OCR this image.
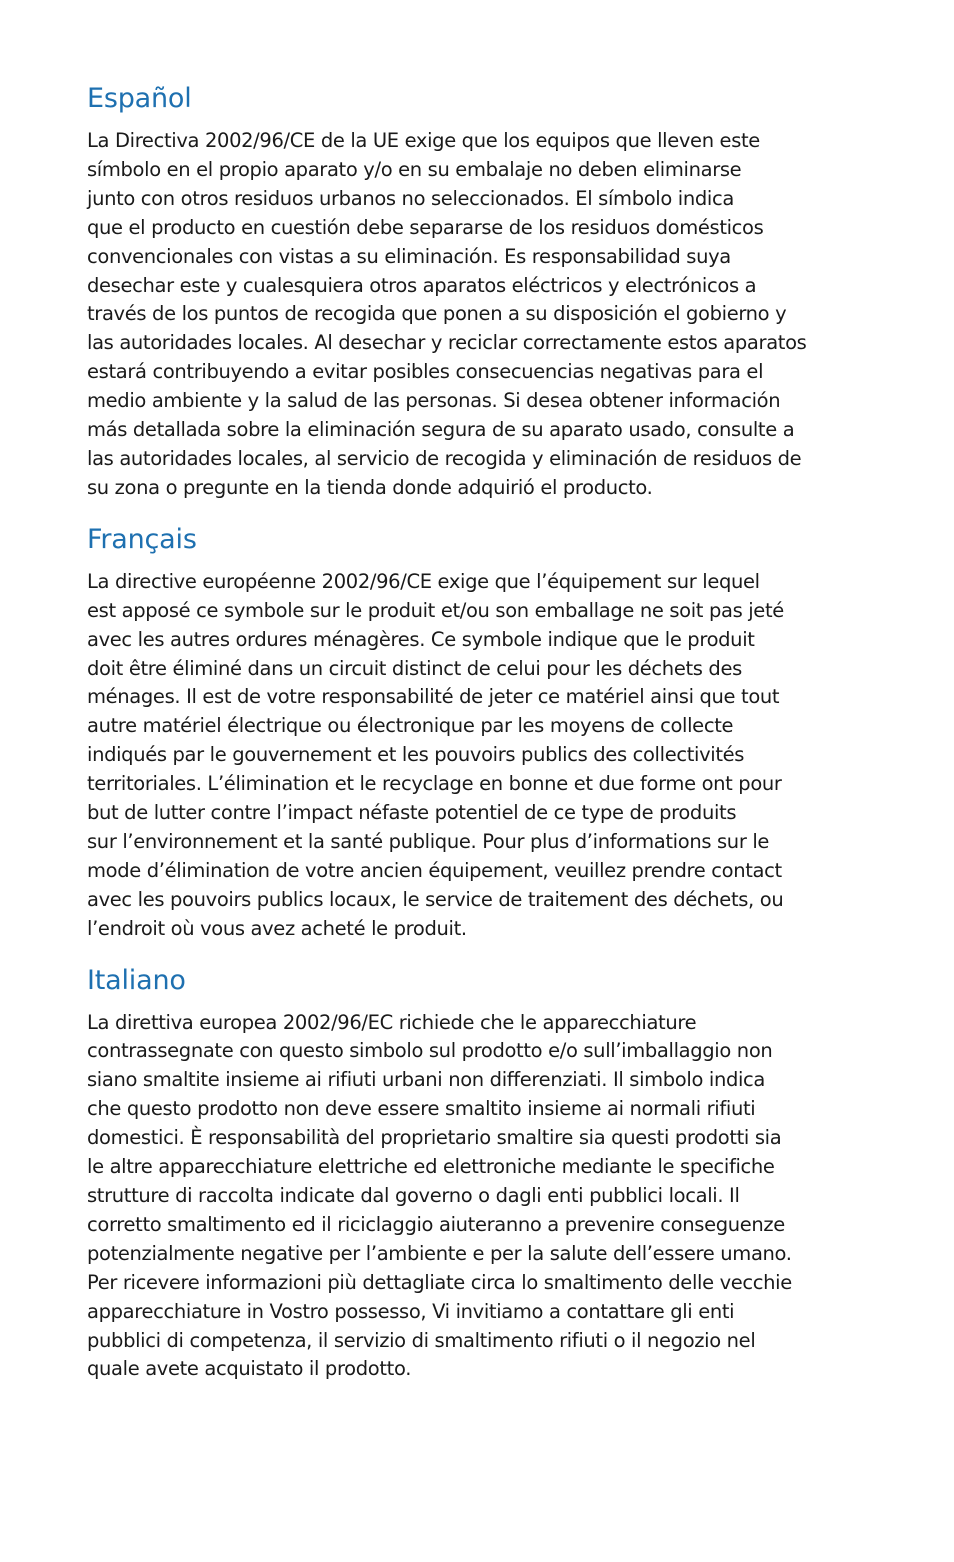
Español
La Directiva 2002/96/CE de la UE exige que los equipos que lleven este
símbolo en el propio aparato y/o en su embalaje no deben eliminarse
junto con otros residuos urbanos no seleccionados. El símbolo indica
que el producto en cuestión debe separarse de los residuos domésticos
convencionales con vistas a su eliminación. Es responsabilidad suya
desechar este y cualesquiera otros aparatos eléctricos y electrónicos a
través de los puntos de recogida que ponen a su disposición el gobierno y
las autoridades locales. Al desechar y reciclar correctamente estos aparatos
estará contribuyendo a evitar posibles consecuencias negativas para el
medio ambiente y la salud de las personas. Si desea obtener información
más detallada sobre la eliminación segura de su aparato usado, consulte a
las autoridades locales, al servicio de recogida y eliminación de residuos de
su zona o pregunte en la tienda donde adquirió el producto.
Français
La directive européenne 2002/96/CE exige que l’équipement sur lequel
est apposé ce symbole sur le produit et/ou son emballage ne soit pas jeté
avec les autres ordures ménagères. Ce symbole indique que le produit
doit être éliminé dans un circuit distinct de celui pour les déchets des
ménages. Il est de votre responsabilité de jeter ce matériel ainsi que tout
autre matériel électrique ou électronique par les moyens de collecte
indiqués par le gouvernement et les pouvoirs publics des collectivités
territoriales. L’élimination et le recyclage en bonne et due forme ont pour
but de lutter contre l’impact néfaste potentiel de ce type de produits
sur l’environnement et la santé publique. Pour plus d’informations sur le
mode d’élimination de votre ancien équipement, veuillez prendre contact
avec les pouvoirs publics locaux, le service de traitement des déchets, ou
l’endroit où vous avez acheté le produit.
Italiano
La direttiva europea 2002/96/EC richiede che le apparecchiature
contrassegnate con questo simbolo sul prodotto e/o sull’imballaggio non
siano smaltite insieme ai rifiuti urbani non differenziati. Il simbolo indica
che questo prodotto non deve essere smaltito insieme ai normali rifiuti
domestici. È responsabilità del proprietario smaltire sia questi prodotti sia
le altre apparecchiature elettriche ed elettroniche mediante le specifiche
strutture di raccolta indicate dal governo o dagli enti pubblici locali. Il
corretto smaltimento ed il riciclaggio aiuteranno a prevenire conseguenze
potenzialmente negative per l’ambiente e per la salute dell’essere umano.
Per ricevere informazioni più dettagliate circa lo smaltimento delle vecchie
apparecchiature in Vostro possesso, Vi invitiamo a contattare gli enti
pubblici di competenza, il servizio di smaltimento rifiuti o il negozio nel
quale avete acquistato il prodotto.
